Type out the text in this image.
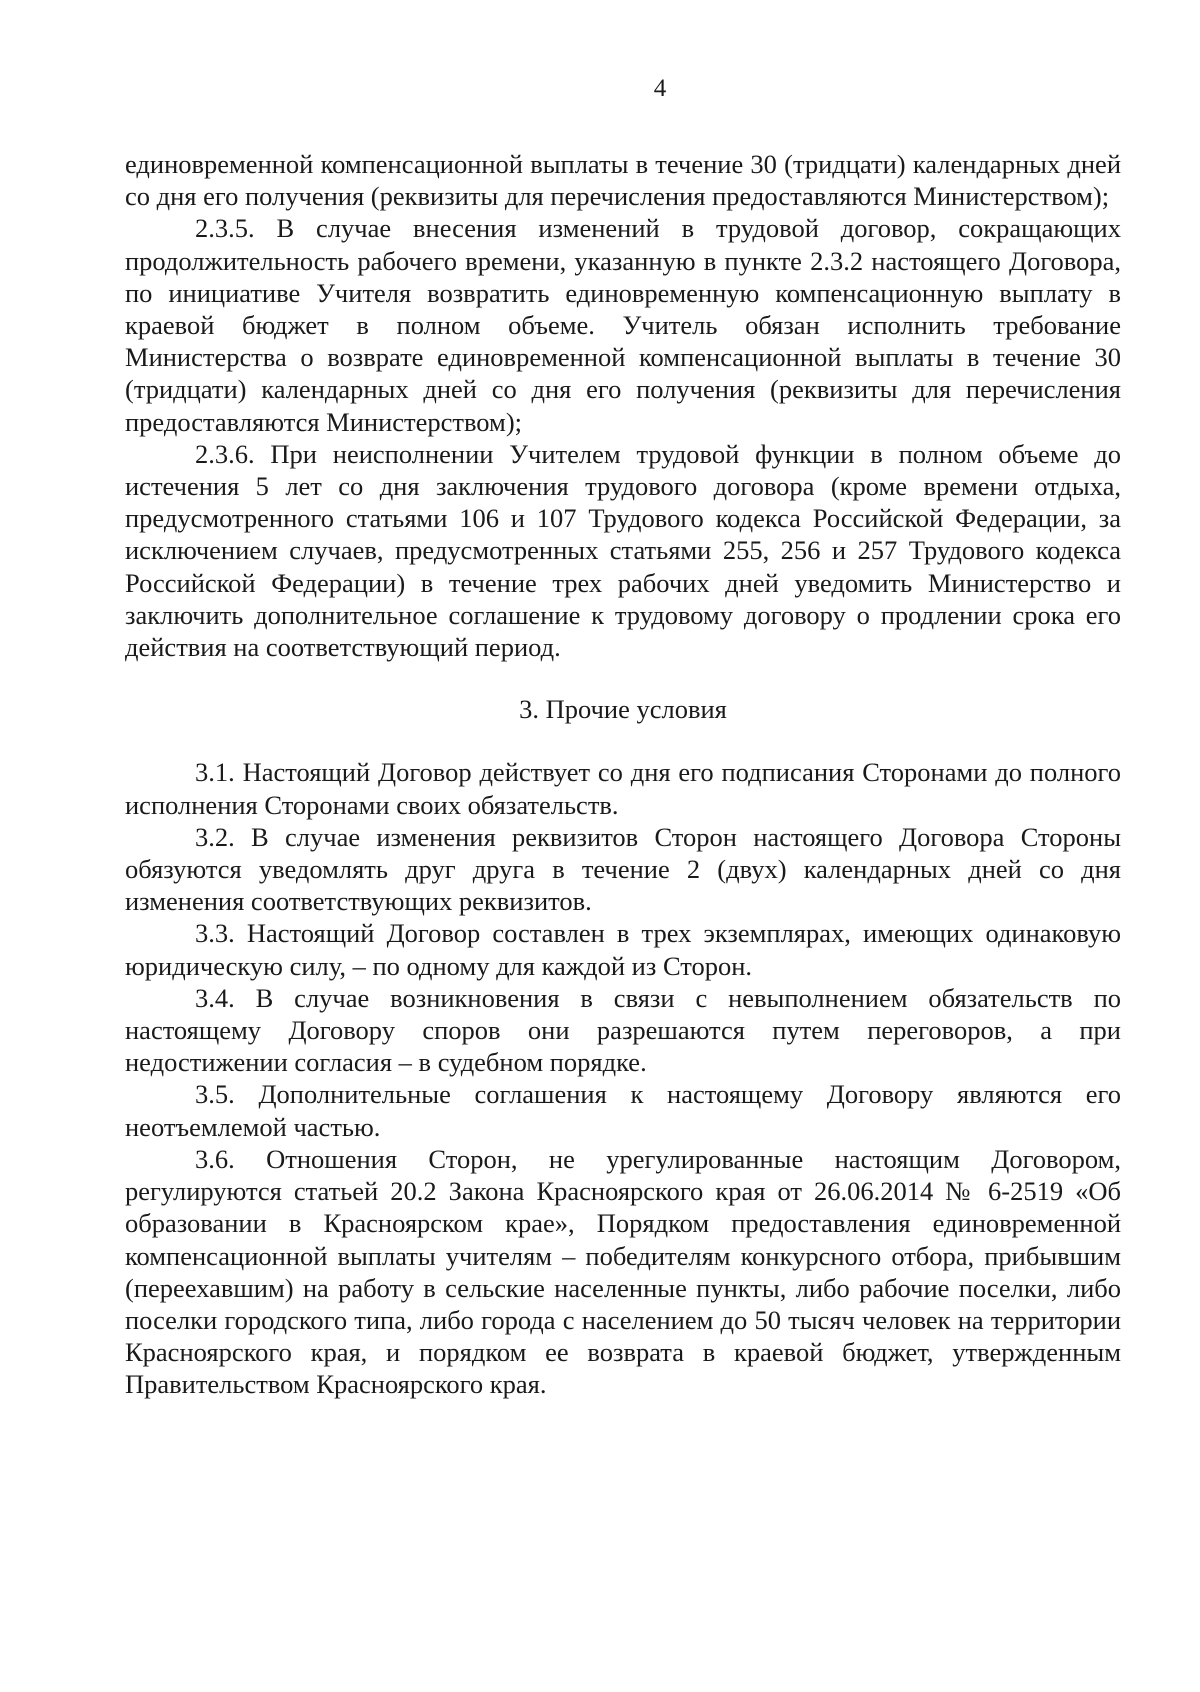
4

единовременной компенсационной выплаты в течение 30 (тридцати) календарных дней со дня его получения (реквизиты для перечисления предоставляются Министерством);

2.3.5. В случае внесения изменений в трудовой договор, сокращающих продолжительность рабочего времени, указанную в пункте 2.3.2 настоящего Договора, по инициативе Учителя возвратить единовременную компенсационную выплату в краевой бюджет в полном объеме. Учитель обязан исполнить требование Министерства о возврате единовременной компенсационной выплаты в течение 30 (тридцати) календарных дней со дня его получения (реквизиты для перечисления предоставляются Министерством);

2.3.6. При неисполнении Учителем трудовой функции в полном объеме до истечения 5 лет со дня заключения трудового договора (кроме времени отдыха, предусмотренного статьями 106 и 107 Трудового кодекса Российской Федерации, за исключением случаев, предусмотренных статьями 255, 256 и 257 Трудового кодекса Российской Федерации) в течение трех рабочих дней уведомить Министерство и заключить дополнительное соглашение к трудовому договору о продлении срока его действия на соответствующий период.

3. Прочие условия

3.1. Настоящий Договор действует со дня его подписания Сторонами до полного исполнения Сторонами своих обязательств.

3.2. В случае изменения реквизитов Сторон настоящего Договора Стороны обязуются уведомлять друг друга в течение 2 (двух) календарных дней со дня изменения соответствующих реквизитов.

3.3. Настоящий Договор составлен в трех экземплярах, имеющих одинаковую юридическую силу, – по одному для каждой из Сторон.

3.4. В случае возникновения в связи с невыполнением обязательств по настоящему Договору споров они разрешаются путем переговоров, а при недостижении согласия – в судебном порядке.

3.5. Дополнительные соглашения к настоящему Договору являются его неотъемлемой частью.

3.6. Отношения Сторон, не урегулированные настоящим Договором, регулируются статьей 20.2 Закона Красноярского края от 26.06.2014 № 6-2519 «Об образовании в Красноярском крае», Порядком предоставления единовременной компенсационной выплаты учителям – победителям конкурсного отбора, прибывшим (переехавшим) на работу в сельские населенные пункты, либо рабочие поселки, либо поселки городского типа, либо города с населением до 50 тысяч человек на территории Красноярского края, и порядком ее возврата в краевой бюджет, утвержденным Правительством Красноярского края.
